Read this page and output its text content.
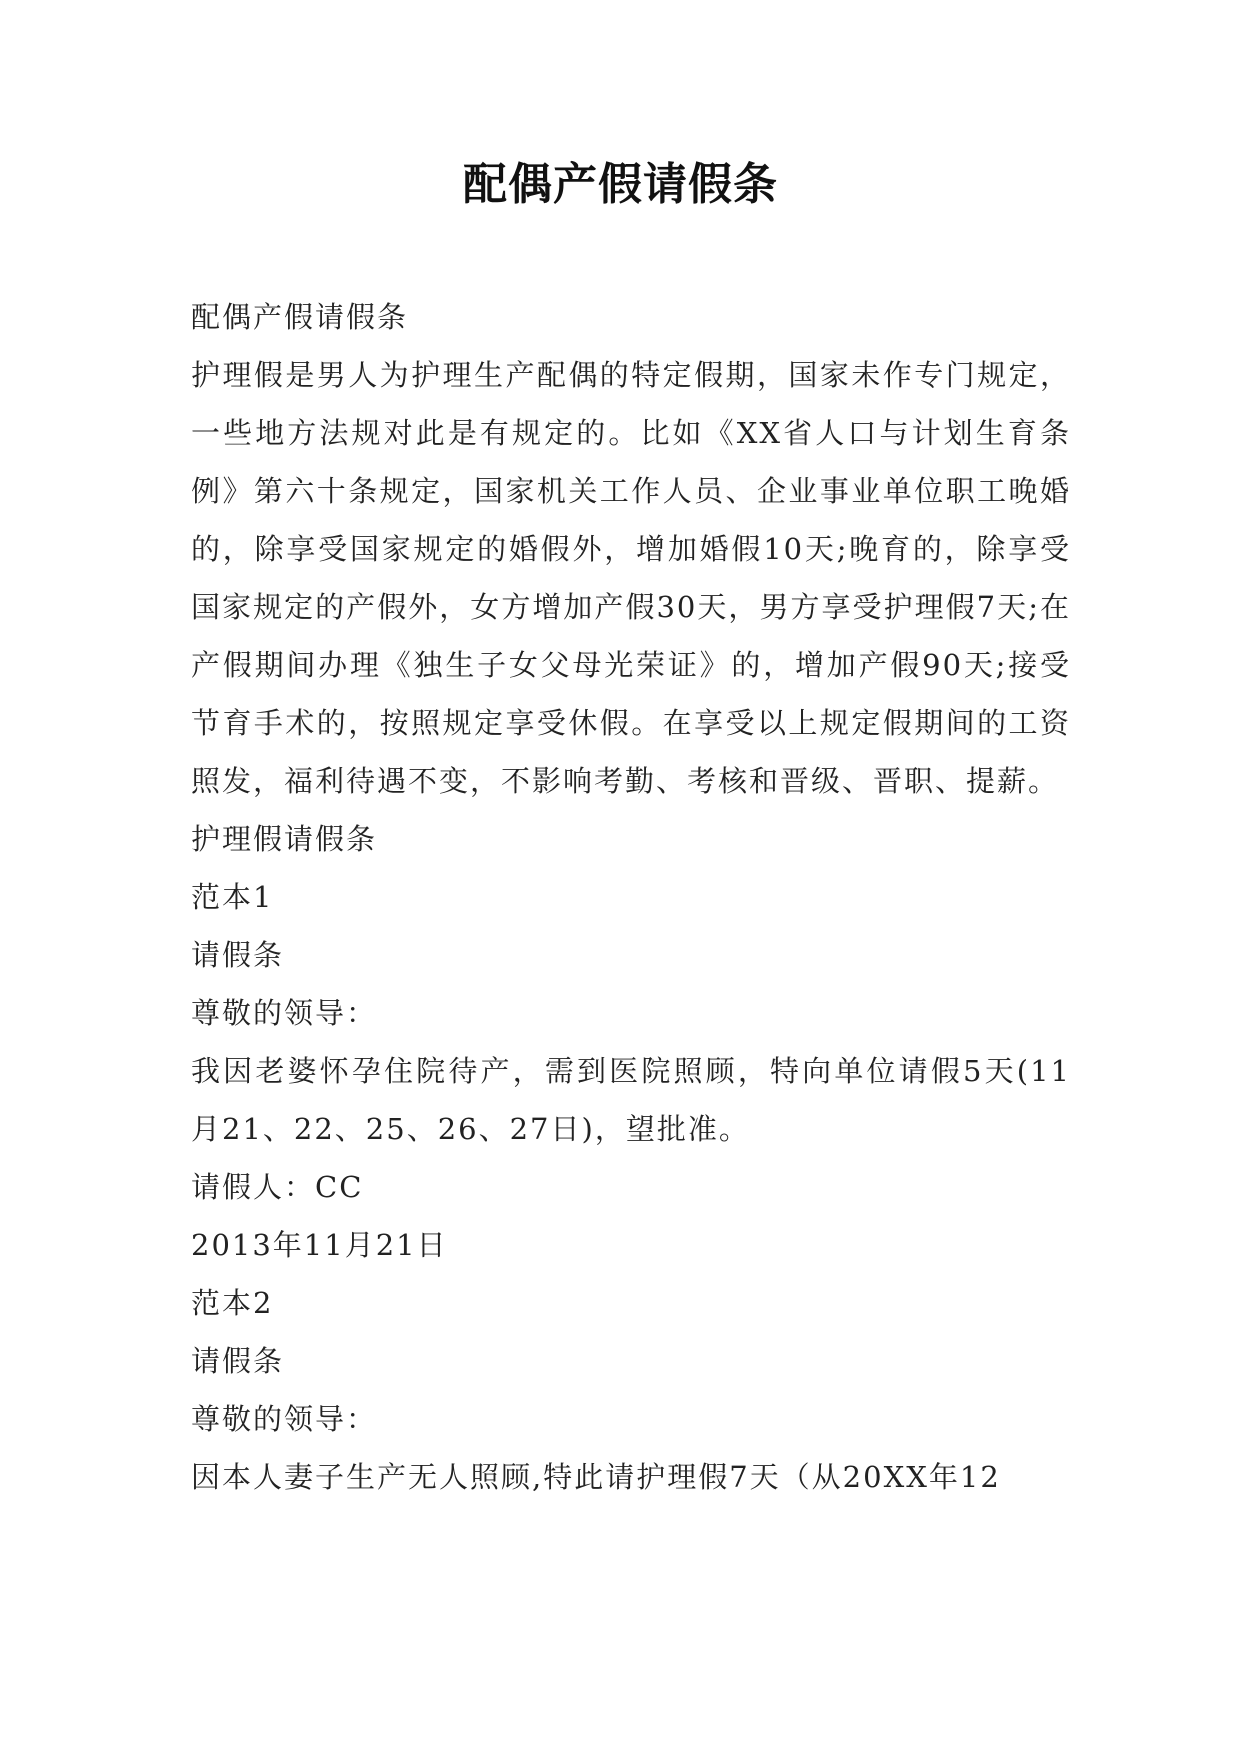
配偶产假请假条

配偶产假请假条

护理假是男人为护理生产配偶的特定假期，国家未作专门规定，一些地方法规对此是有规定的。比如《XX省人口与计划生育条例》第六十条规定，国家机关工作人员、企业事业单位职工晚婚的，除享受国家规定的婚假外，增加婚假10天;晚育的，除享受国家规定的产假外，女方增加产假30天，男方享受护理假7天;在产假期间办理《独生子女父母光荣证》的，增加产假90天;接受节育手术的，按照规定享受休假。在享受以上规定假期间的工资照发，福利待遇不变，不影响考勤、考核和晋级、晋职、提薪。

护理假请假条

范本1

请假条

尊敬的领导：

我因老婆怀孕住院待产，需到医院照顾，特向单位请假5天(11月21、22、25、26、27日)，望批准。

请假人：CC

2013年11月21日

范本2

请假条

尊敬的领导：

因本人妻子生产无人照顾,特此请护理假7天（从20XX年12
